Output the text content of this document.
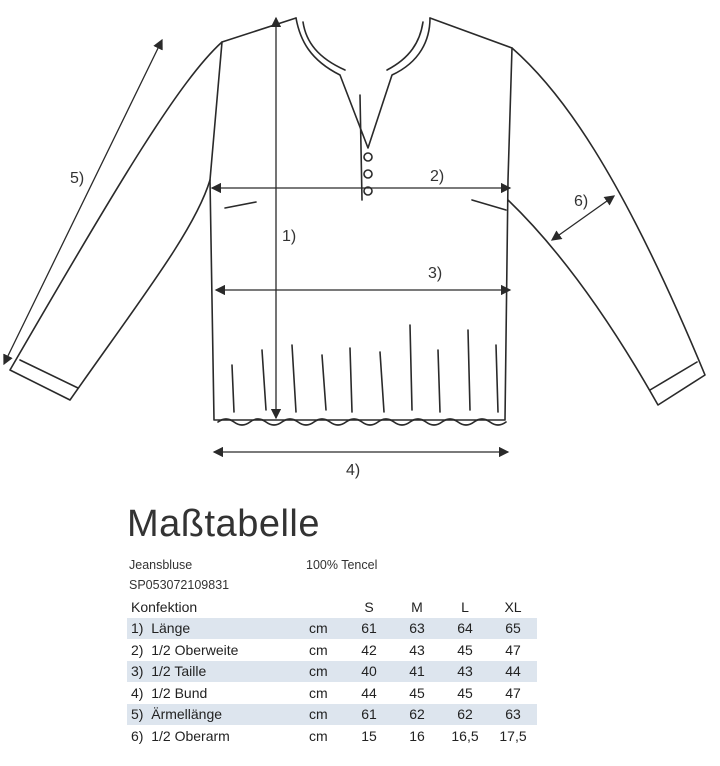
1)
2)
3)
4)
5)
6)
Maßtabelle
Jeansbluse	100% Tencel
SP053072109831
Konfektion		S	M	L	XL
1)  Länge	cm	61	63	64	65
2)  1/2 Oberweite	cm	42	43	45	47
3)  1/2 Taille	cm	40	41	43	44
4)  1/2 Bund	cm	44	45	45	47
5)  Ärmellänge	cm	61	62	62	63
6)  1/2 Oberarm	cm	15	16	16,5	17,5
